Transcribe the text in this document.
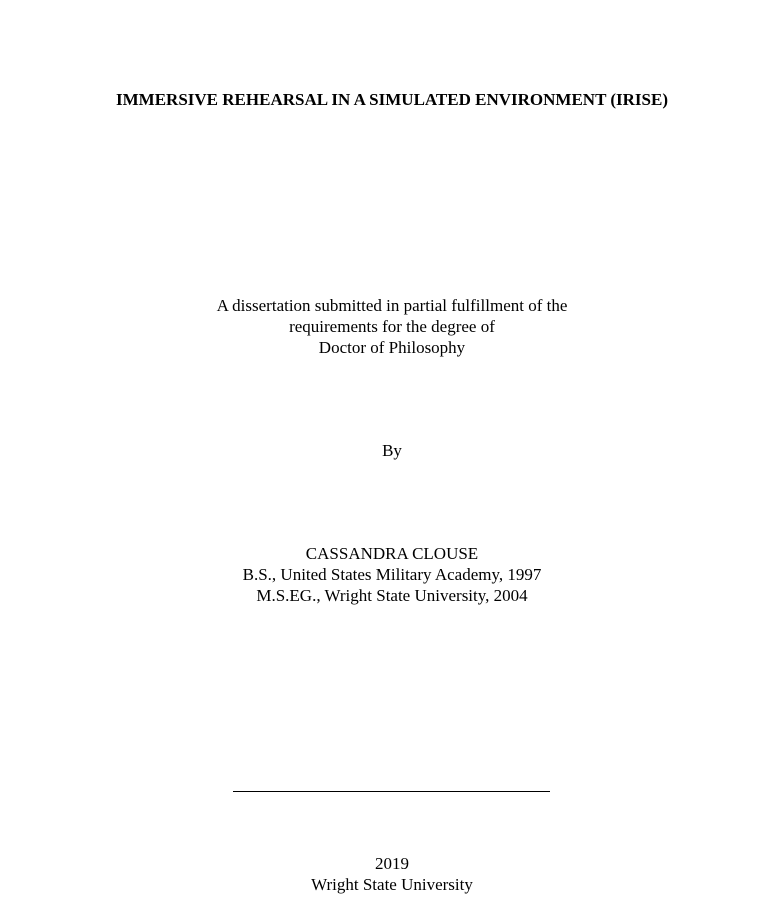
IMMERSIVE REHEARSAL IN A SIMULATED ENVIRONMENT (IRISE)
A dissertation submitted in partial fulfillment of the
requirements for the degree of
Doctor of Philosophy
By
CASSANDRA CLOUSE
B.S., United States Military Academy, 1997
M.S.EG., Wright State University, 2004
2019
Wright State University
